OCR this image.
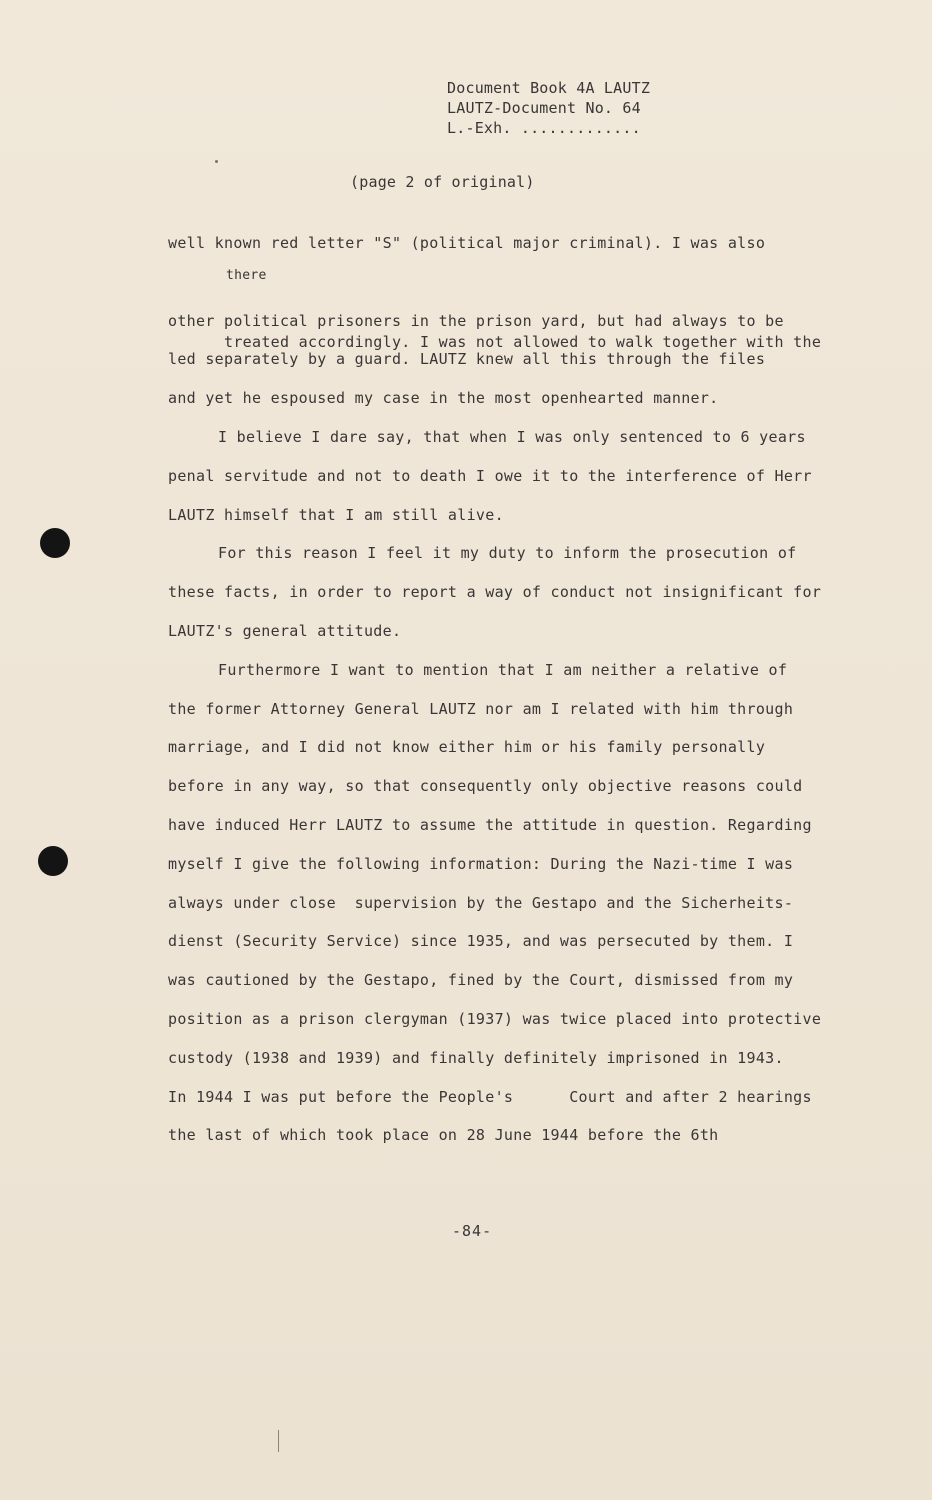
Document Book 4A LAUTZ
LAUTZ-Document No. 64
L.-Exh. .............
(page 2 of original)
well known red letter "S" (political major criminal). I was also

there

treated accordingly. I was not allowed to walk together with the

other political prisoners in the prison yard, but had always to be
led separately by a guard. LAUTZ knew all this through the files
and yet he espoused my case in the most openhearted manner.
I believe I dare say, that when I was only sentenced to 6 years
penal servitude and not to death I owe it to the interference of Herr
LAUTZ himself that I am still alive.
For this reason I feel it my duty to inform the prosecution of
these facts, in order to report a way of conduct not insignificant for
LAUTZ's general attitude.
Furthermore I want to mention that I am neither a relative of
the former Attorney General LAUTZ nor am I related with him through
marriage, and I did not know either him or his family personally
before in any way, so that consequently only objective reasons could
have induced Herr LAUTZ to assume the attitude in question. Regarding
myself I give the following information: During the Nazi-time I was
always under close  supervision by the Gestapo and the Sicherheits-
dienst (Security Service) since 1935, and was persecuted by them. I
was cautioned by the Gestapo, fined by the Court, dismissed from my
position as a prison clergyman (1937) was twice placed into protective
custody (1938 and 1939) and finally definitely imprisoned in 1943.
In 1944 I was put before the People's      Court and after 2 hearings
the last of which took place on 28 June 1944 before the 6th
-84-
